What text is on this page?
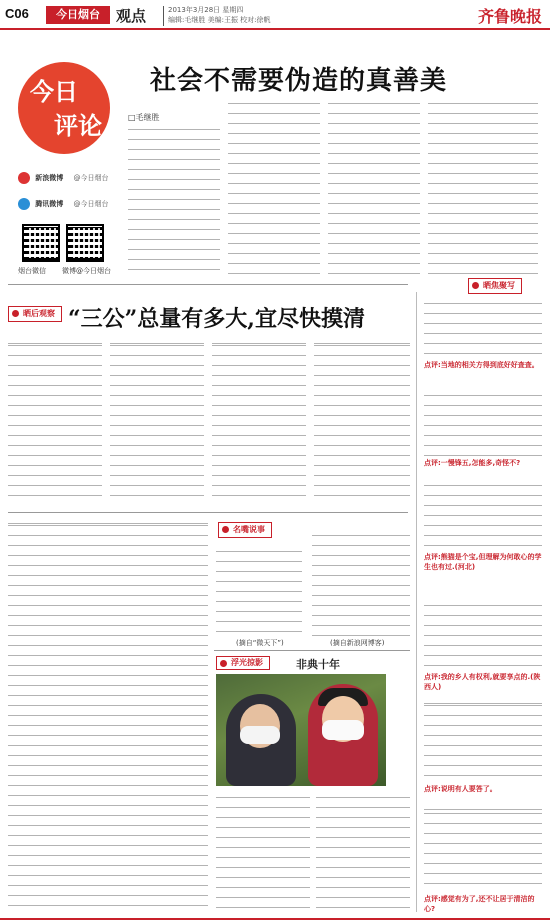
C06	今日烟台	观点	2013年3月28日 星期四
编辑:毛继胜 美编:王振 校对:徐帆	齐鲁晚报
今日
评论
社会不需要伪造的真善美
□毛继胜
新浪微博 @今日烟台
腾讯微博 @今日烟台
烟台微信 微博@今日烟台
晒焦聚写
点评:当地的相关方得到底好好查查。
点评:一慢锋五,怎能多,奇怪不?
点评:熊猫是个宝,但理解为何敢心的学生也有过.(河北)
点评:我的乡人有权利,就要享点的.(陕西人)
点评:说明有人要答了。
点评:感觉有为了,还不让居于清洁的心?
晒后观察 “三公”总量有多大,宜尽快摸清
名嘴说事
(摘自“微天下”)	(摘自新浪网博客)
浮光掠影	非典十年
